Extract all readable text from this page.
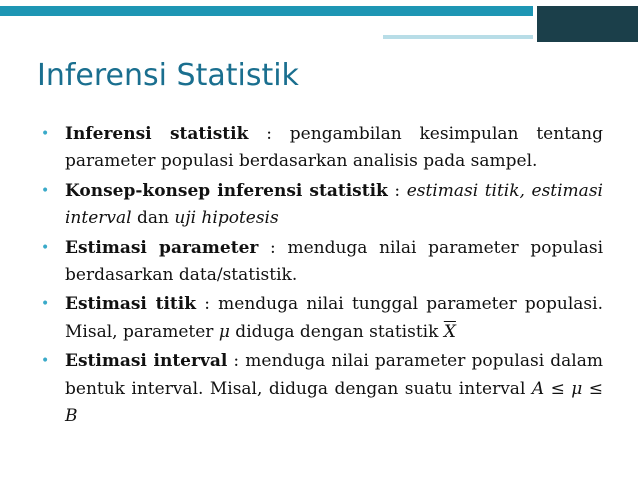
Inferensi Statistik
• Inferensi statistik : pengambilan kesimpulan tentang parameter populasi berdasarkan analisis pada sampel.
• Konsep-konsep inferensi statistik : estimasi titik, estimasi interval dan uji hipotesis
• Estimasi parameter : menduga nilai parameter populasi berdasarkan data/statistik.
• Estimasi titik : menduga nilai tunggal parameter populasi. Misal, parameter μ diduga dengan statistik $\overline{X}$
• Estimasi interval : menduga nilai parameter populasi dalam bentuk interval. Misal, diduga dengan suatu interval A ≤ μ ≤ B
